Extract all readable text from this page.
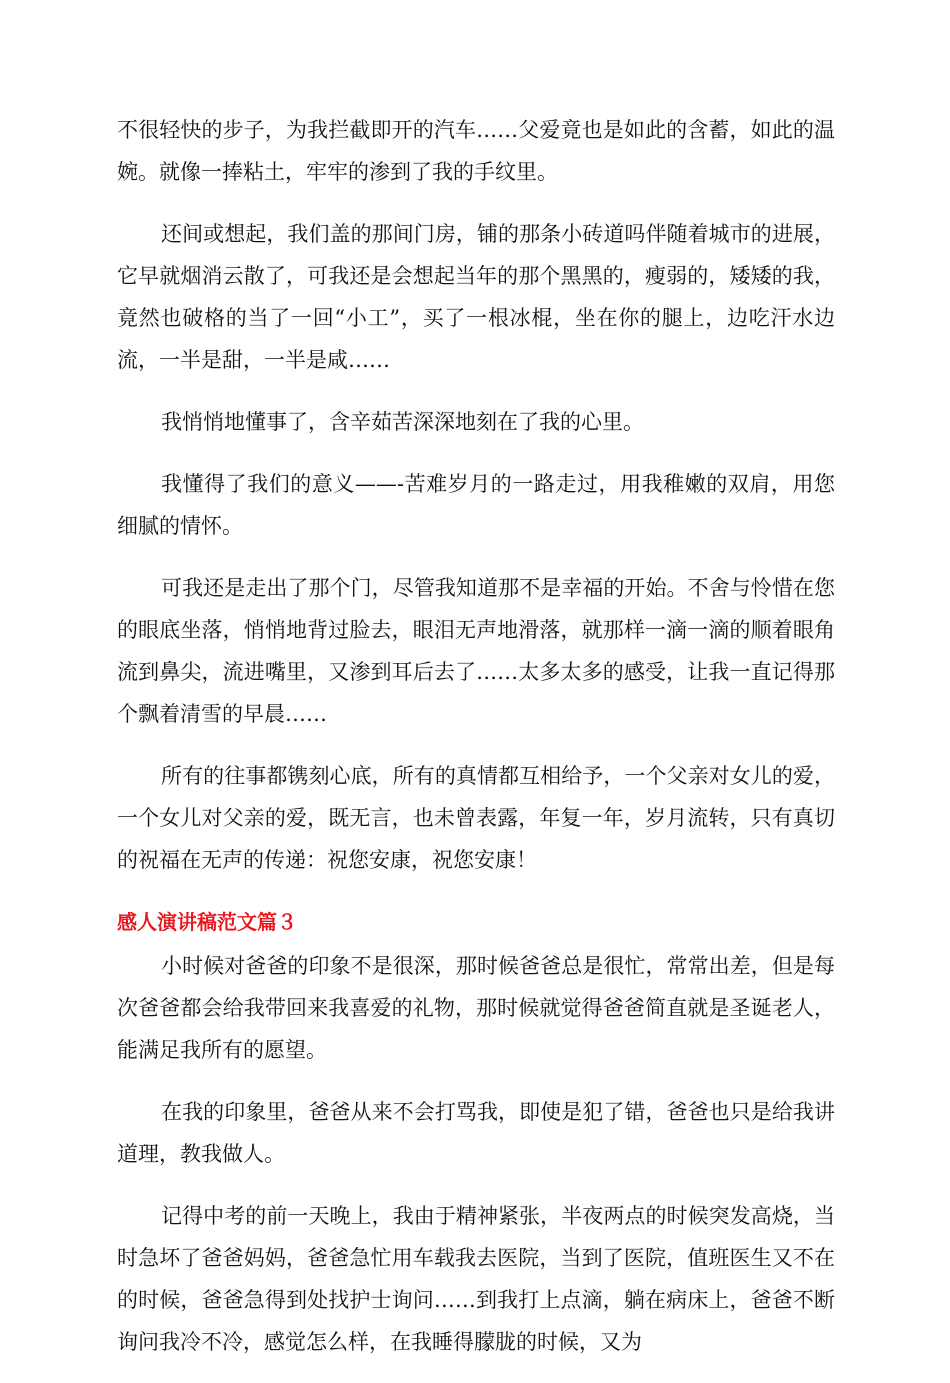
不很轻快的步子，为我拦截即开的汽车……父爱竟也是如此的含蓄，如此的温婉。就像一捧粘土，牢牢的渗到了我的手纹里。

还间或想起，我们盖的那间门房，铺的那条小砖道吗伴随着城市的进展，它早就烟消云散了，可我还是会想起当年的那个黑黑的，瘦弱的，矮矮的我，竟然也破格的当了一回“小工”，买了一根冰棍，坐在你的腿上，边吃汗水边流，一半是甜，一半是咸……

我悄悄地懂事了，含辛茹苦深深地刻在了我的心里。

我懂得了我们的意义——-苦难岁月的一路走过，用我稚嫩的双肩，用您细腻的情怀。

可我还是走出了那个门，尽管我知道那不是幸福的开始。不舍与怜惜在您的眼底坐落，悄悄地背过脸去，眼泪无声地滑落，就那样一滴一滴的顺着眼角流到鼻尖，流进嘴里，又渗到耳后去了……太多太多的感受，让我一直记得那个飘着清雪的早晨……

所有的往事都镌刻心底，所有的真情都互相给予，一个父亲对女儿的爱，一个女儿对父亲的爱，既无言，也未曾表露，年复一年，岁月流转，只有真切的祝福在无声的传递：祝您安康，祝您安康！

感人演讲稿范文篇３

小时候对爸爸的印象不是很深，那时候爸爸总是很忙，常常出差，但是每次爸爸都会给我带回来我喜爱的礼物，那时候就觉得爸爸简直就是圣诞老人，能满足我所有的愿望。

在我的印象里，爸爸从来不会打骂我，即使是犯了错，爸爸也只是给我讲道理，教我做人。

记得中考的前一天晚上，我由于精神紧张，半夜两点的时候突发高烧，当时急坏了爸爸妈妈，爸爸急忙用车载我去医院，当到了医院，值班医生又不在的时候，爸爸急得到处找护士询问……到我打上点滴，躺在病床上，爸爸不断询问我冷不冷，感觉怎么样，在我睡得朦胧的时候，又为
